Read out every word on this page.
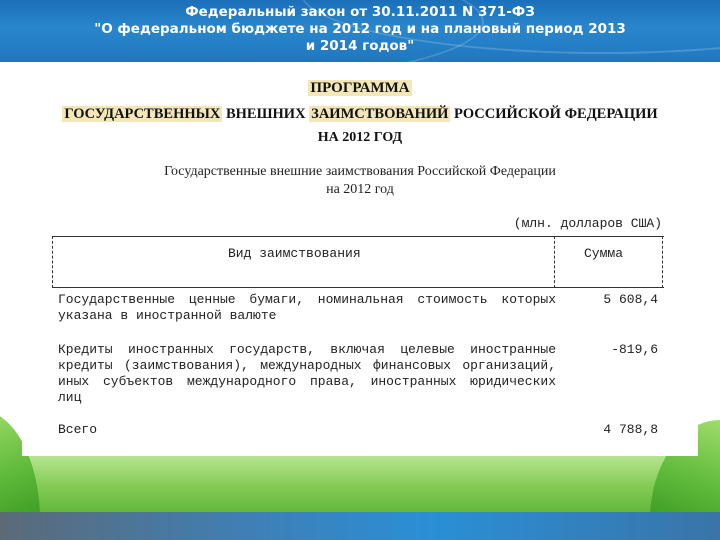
Федеральный закон от 30.11.2011 N 371-ФЗ
"О федеральном бюджете на 2012 год и на плановый период 2013
и 2014 годов"
ПРОГРАММА
ГОСУДАРСТВЕННЫХ ВНЕШНИХ ЗАИМСТВОВАНИЙ РОССИЙСКОЙ ФЕДЕРАЦИИ
НА 2012 ГОД
Государственные внешние заимствования Российской Федерации
на 2012 год
(млн. долларов США)
Вид заимствования	Сумма
Государственные ценные бумаги, номинальная стоимость которых указана в иностранной валюте
5 608,4
Кредиты иностранных государств, включая целевые иностранные кредиты (заимствования), международных финансовых организаций, иных субъектов международного права, иностранных юридических лиц
-819,6
Всего	4 788,8
